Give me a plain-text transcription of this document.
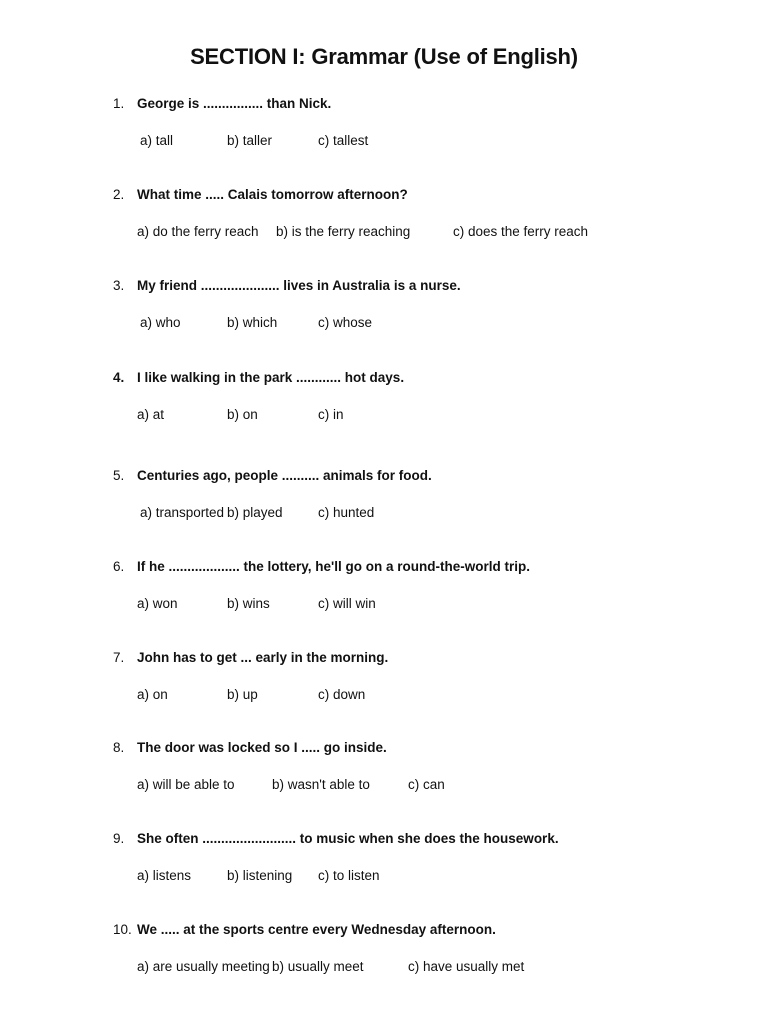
SECTION I: Grammar (Use of English)
1. George is ................ than Nick.
a) tall	b) taller	c) tallest
2. What time ..... Calais tomorrow afternoon?
a) do the ferry reach b) is the ferry reaching	c) does the ferry reach
3. My friend ..................... lives in Australia is a nurse.
a) who	b) which	c) whose
4. I like walking in the park ............ hot days.
a) at	b) on	c) in
5. Centuries ago, people .......... animals for food.
a) transported b) played	c) hunted
6. If he ................... the lottery, he'll go on a round-the-world trip.
a) won	b) wins	c) will win
7. John has to get ... early in the morning.
a) on	b) up	c) down
8. The door was locked so I ..... go inside.
a) will be able to	b) wasn't able to	c) can
9. She often ......................... to music when she does the housework.
a) listens	b) listening c) to listen
10. We ..... at the sports centre every Wednesday afternoon.
a) are usually meeting b) usually meet	c) have usually met
